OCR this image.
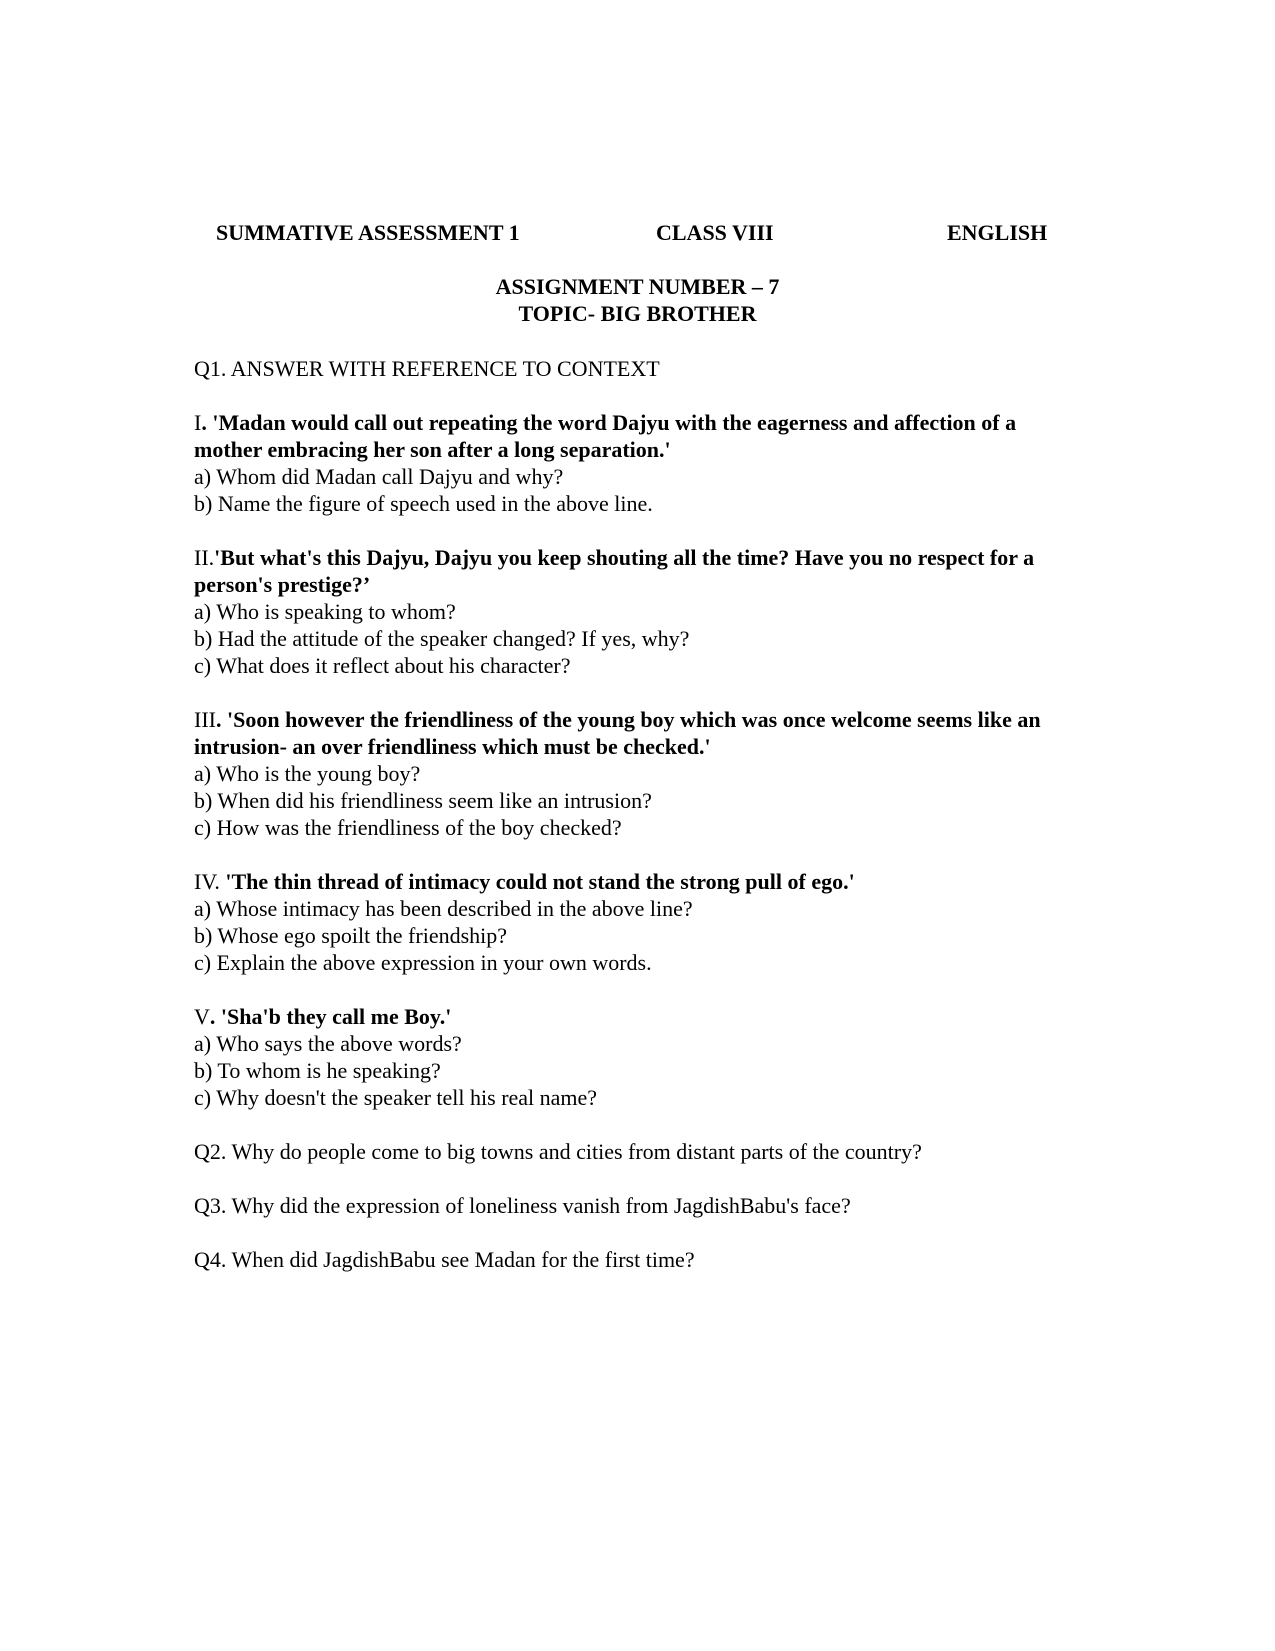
SUMMATIVE ASSESSMENT 1	CLASS VIII	ENGLISH
ASSIGNMENT NUMBER – 7
TOPIC- BIG BROTHER

Q1. ANSWER WITH REFERENCE TO CONTEXT

I. 'Madan would call out repeating the word Dajyu with the eagerness and affection of a mother embracing her son after a long separation.'

a) Whom did Madan call Dajyu and why?

b) Name the figure of speech used in the above line.

II.'But what's this Dajyu, Dajyu you keep shouting all the time? Have you no respect for a person's prestige?’

a) Who is speaking to whom?

b) Had the attitude of the speaker changed? If yes, why?

c) What does it reflect about his character?

III. 'Soon however the friendliness of the young boy which was once welcome seems like an intrusion- an over friendliness which must be checked.'

a) Who is the young boy?

b) When did his friendliness seem like an intrusion?

c) How was the friendliness of the boy checked?

IV. 'The thin thread of intimacy could not stand the strong pull of ego.'

a) Whose intimacy has been described in the above line?

b) Whose ego spoilt the friendship?

c) Explain the above expression in your own words.

V. 'Sha'b they call me Boy.'

a) Who says the above words?

b) To whom is he speaking?

c) Why doesn't the speaker tell his real name?

Q2. Why do people come to big towns and cities from distant parts of the country?

Q3. Why did the expression of loneliness vanish from JagdishBabu's face?

Q4. When did JagdishBabu see Madan for the first time?
